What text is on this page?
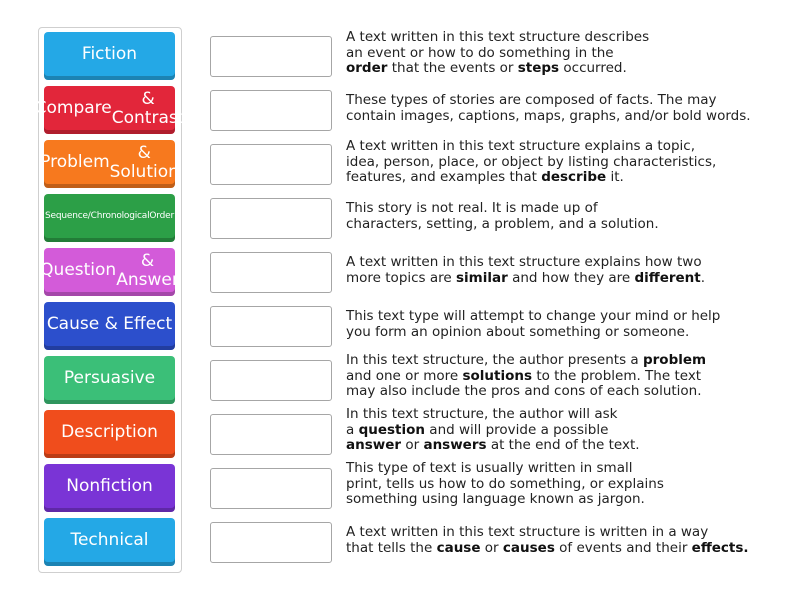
Fiction
Compare	& Contrast
Problem	& Solution
Sequence/Chronological Order
Question	& Answer
Cause & Effect
Persuasive
Description
Nonfiction
Technical
A text written in this text structure describes
an event or how to do something in the
order that the events or steps occurred.
These types of stories are composed of facts. The may
contain images, captions, maps, graphs, and/or bold words.
A text written in this text structure explains a topic,
idea, person, place, or object by listing characteristics,
features, and examples that describe it.
This story is not real. It is made up of
characters, setting, a problem, and a solution.
A text written in this text structure explains how two
more topics are similar and how they are different.
This text type will attempt to change your mind or help
you form an opinion about something or someone.
In this text structure, the author presents a problem
and one or more solutions to the problem. The text
may also include the pros and cons of each solution.
In this text structure, the author will ask
a question and will provide a possible
answer or answers at the end of the text.
This type of text is usually written in small
print, tells us how to do something, or explains
something using language known as jargon.
A text written in this text structure is written in a way
that tells the cause or causes of events and their effects.
